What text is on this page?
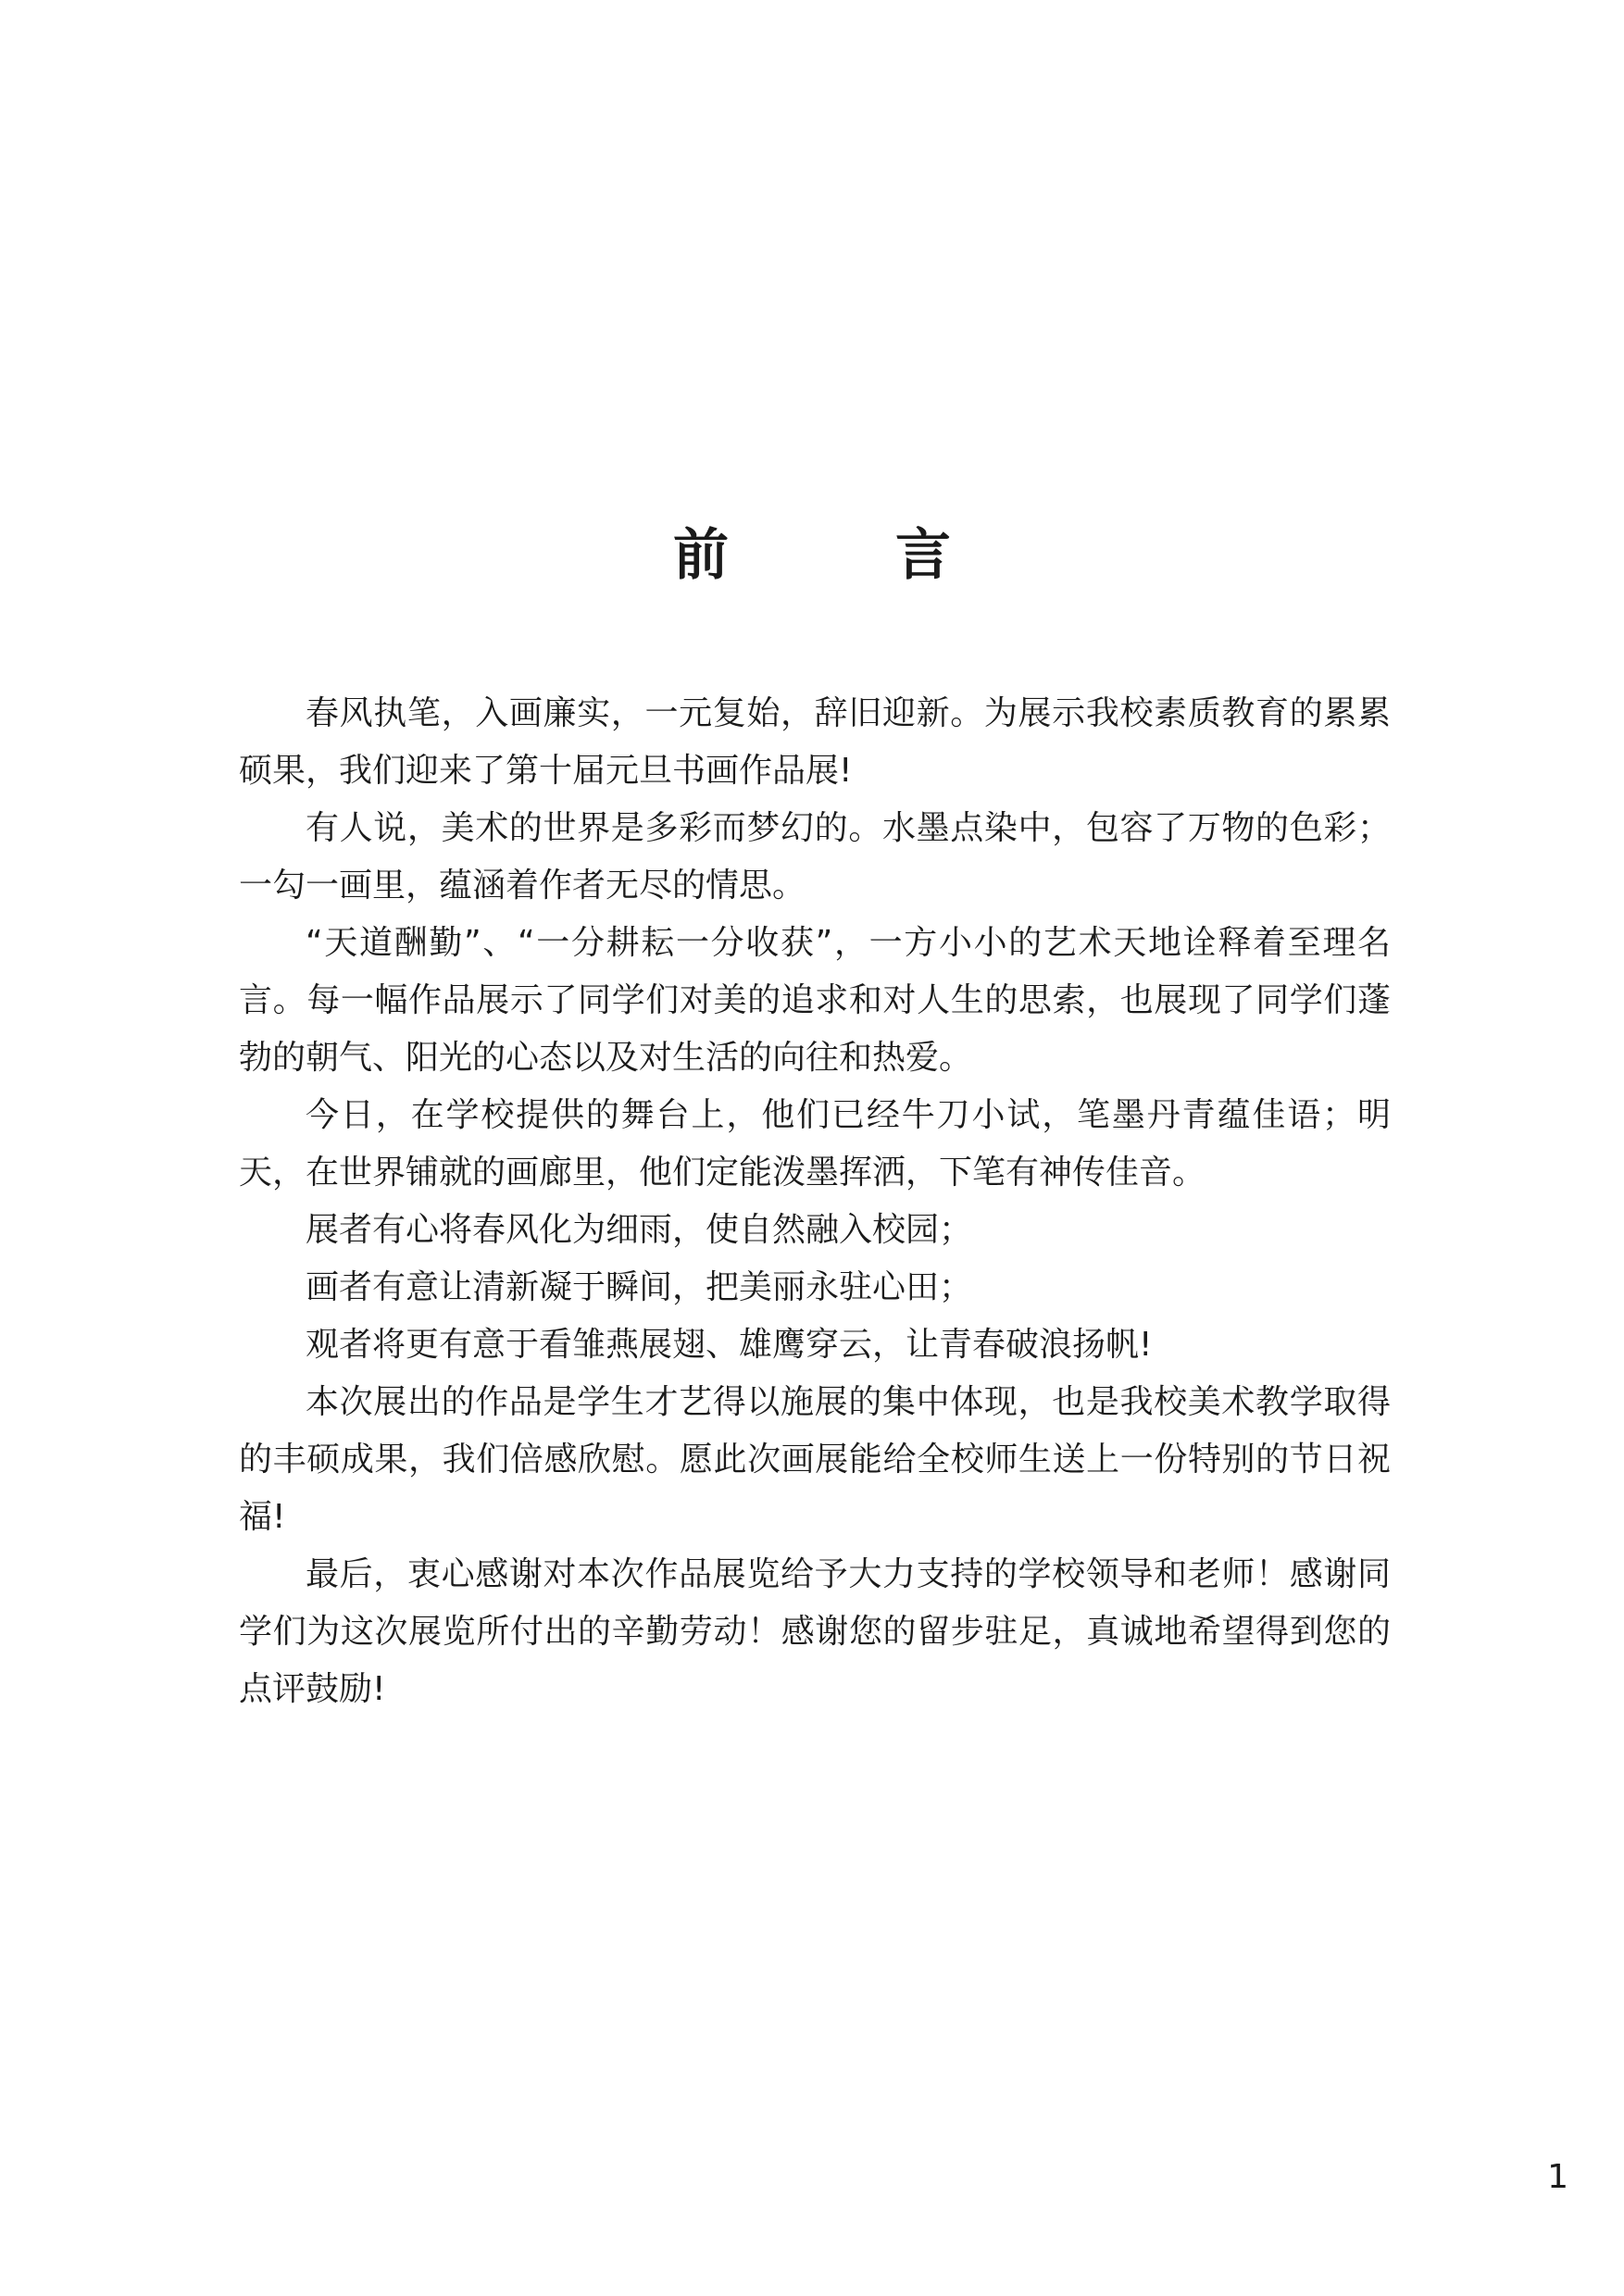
前　言

春风执笔，入画廉实，一元复始，辞旧迎新。为展示我校素质教育的累累硕果，我们迎来了第十届元旦书画作品展!

有人说，美术的世界是多彩而梦幻的。水墨点染中，包容了万物的色彩；一勾一画里，蕴涵着作者无尽的情思。

“天道酬勤”、“一分耕耘一分收获”，一方小小的艺术天地诠释着至理名言。每一幅作品展示了同学们对美的追求和对人生的思索，也展现了同学们蓬勃的朝气、阳光的心态以及对生活的向往和热爱。

今日，在学校提供的舞台上，他们已经牛刀小试，笔墨丹青蕴佳语；明天，在世界铺就的画廊里，他们定能泼墨挥洒，下笔有神传佳音。

展者有心将春风化为细雨，使自然融入校园；

画者有意让清新凝于瞬间，把美丽永驻心田；

观者将更有意于看雏燕展翅、雄鹰穿云，让青春破浪扬帆!

本次展出的作品是学生才艺得以施展的集中体现，也是我校美术教学取得的丰硕成果，我们倍感欣慰。愿此次画展能给全校师生送上一份特别的节日祝福!

最后，衷心感谢对本次作品展览给予大力支持的学校领导和老师！感谢同学们为这次展览所付出的辛勤劳动！感谢您的留步驻足，真诚地希望得到您的点评鼓励!

1
